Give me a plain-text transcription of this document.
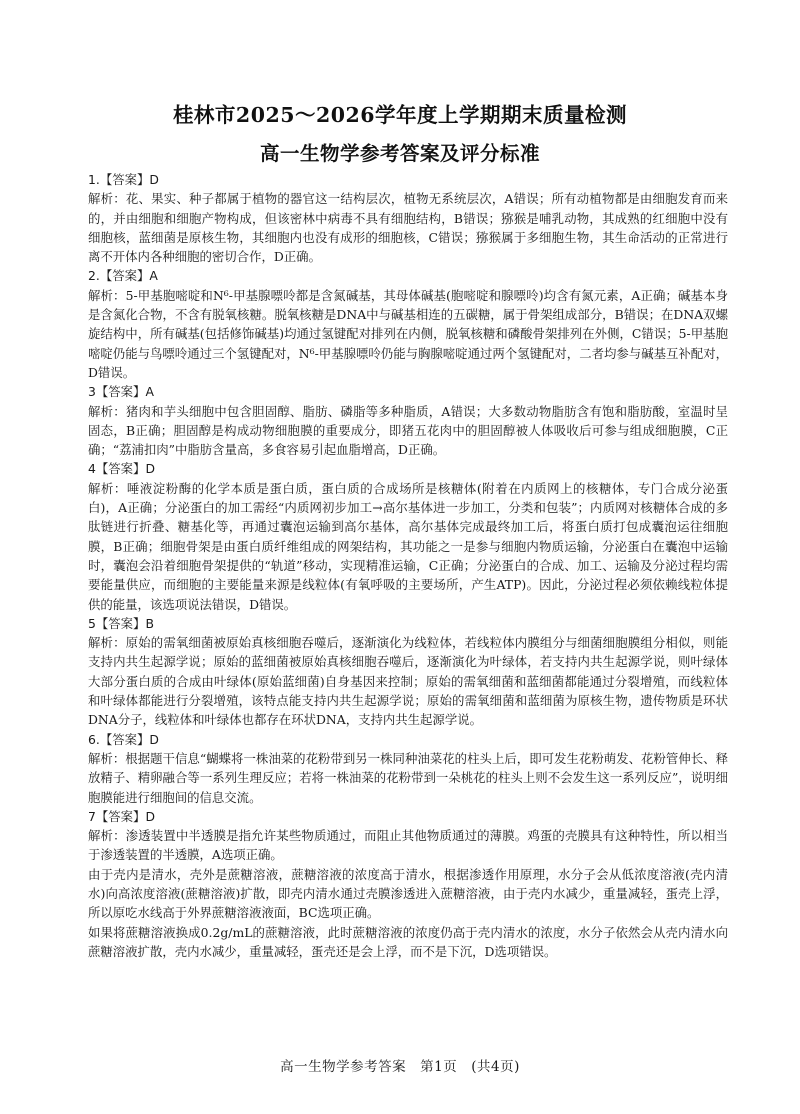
桂林市2025～2026学年度上学期期末质量检测
高一生物学参考答案及评分标准

1.【答案】D

解析：花、果实、种子都属于植物的器官这一结构层次，植物无系统层次，A错误；所有动植物都是由细胞发育而来的，并由细胞和细胞产物构成，但该密林中病毒不具有细胞结构，B错误；猕猴是哺乳动物，其成熟的红细胞中没有细胞核，蓝细菌是原核生物，其细胞内也没有成形的细胞核，C错误；猕猴属于多细胞生物，其生命活动的正常进行离不开体内各种细胞的密切合作，D正确。

2.【答案】A

解析：5-甲基胞嘧啶和N⁶-甲基腺嘌呤都是含氮碱基，其母体碱基(胞嘧啶和腺嘌呤)均含有氮元素，A正确；碱基本身是含氮化合物，不含有脱氧核糖。脱氧核糖是DNA中与碱基相连的五碳糖，属于骨架组成部分，B错误；在DNA双螺旋结构中，所有碱基(包括修饰碱基)均通过氢键配对排列在内侧，脱氧核糖和磷酸骨架排列在外侧，C错误；5-甲基胞嘧啶仍能与鸟嘌呤通过三个氢键配对，N⁶-甲基腺嘌呤仍能与胸腺嘧啶通过两个氢键配对，二者均参与碱基互补配对，D错误。

3【答案】A

解析：猪肉和芋头细胞中包含胆固醇、脂肪、磷脂等多种脂质，A错误；大多数动物脂肪含有饱和脂肪酸，室温时呈固态，B正确；胆固醇是构成动物细胞膜的重要成分，即猪五花肉中的胆固醇被人体吸收后可参与组成细胞膜，C正确；“荔浦扣肉”中脂肪含量高，多食容易引起血脂增高，D正确。

4【答案】D

解析：唾液淀粉酶的化学本质是蛋白质，蛋白质的合成场所是核糖体(附着在内质网上的核糖体，专门合成分泌蛋白)，A正确；分泌蛋白的加工需经“内质网初步加工→高尔基体进一步加工，分类和包装”；内质网对核糖体合成的多肽链进行折叠、糖基化等，再通过囊泡运输到高尔基体，高尔基体完成最终加工后，将蛋白质打包成囊泡运往细胞膜，B正确；细胞骨架是由蛋白质纤维组成的网架结构，其功能之一是参与细胞内物质运输，分泌蛋白在囊泡中运输时，囊泡会沿着细胞骨架提供的“轨道”移动，实现精准运输，C正确；分泌蛋白的合成、加工、运输及分泌过程均需要能量供应，而细胞的主要能量来源是线粒体(有氧呼吸的主要场所，产生ATP)。因此，分泌过程必须依赖线粒体提供的能量，该选项说法错误，D错误。

5【答案】B

解析：原始的需氧细菌被原始真核细胞吞噬后，逐渐演化为线粒体，若线粒体内膜组分与细菌细胞膜组分相似，则能支持内共生起源学说；原始的蓝细菌被原始真核细胞吞噬后，逐渐演化为叶绿体，若支持内共生起源学说，则叶绿体大部分蛋白质的合成由叶绿体(原始蓝细菌)自身基因来控制；原始的需氧细菌和蓝细菌都能通过分裂增殖，而线粒体和叶绿体都能进行分裂增殖，该特点能支持内共生起源学说；原始的需氧细菌和蓝细菌为原核生物，遗传物质是环状DNA分子，线粒体和叶绿体也都存在环状DNA，支持内共生起源学说。

6.【答案】D

解析：根据题干信息“蝴蝶将一株油菜的花粉带到另一株同种油菜花的柱头上后，即可发生花粉萌发、花粉管伸长、释放精子、精卵融合等一系列生理反应；若将一株油菜的花粉带到一朵桃花的柱头上则不会发生这一系列反应”，说明细胞膜能进行细胞间的信息交流。

7【答案】D

解析：渗透装置中半透膜是指允许某些物质通过，而阻止其他物质通过的薄膜。鸡蛋的壳膜具有这种特性，所以相当于渗透装置的半透膜，A选项正确。

由于壳内是清水，壳外是蔗糖溶液，蔗糖溶液的浓度高于清水，根据渗透作用原理，水分子会从低浓度溶液(壳内清水)向高浓度溶液(蔗糖溶液)扩散，即壳内清水通过壳膜渗透进入蔗糖溶液，由于壳内水减少，重量减轻，蛋壳上浮，所以原吃水线高于外界蔗糖溶液液面，BC选项正确。

如果将蔗糖溶液换成0.2g/mL的蔗糖溶液，此时蔗糖溶液的浓度仍高于壳内清水的浓度，水分子依然会从壳内清水向蔗糖溶液扩散，壳内水减少，重量减轻，蛋壳还是会上浮，而不是下沉，D选项错误。

高一生物学参考答案　第1页　(共4页)
